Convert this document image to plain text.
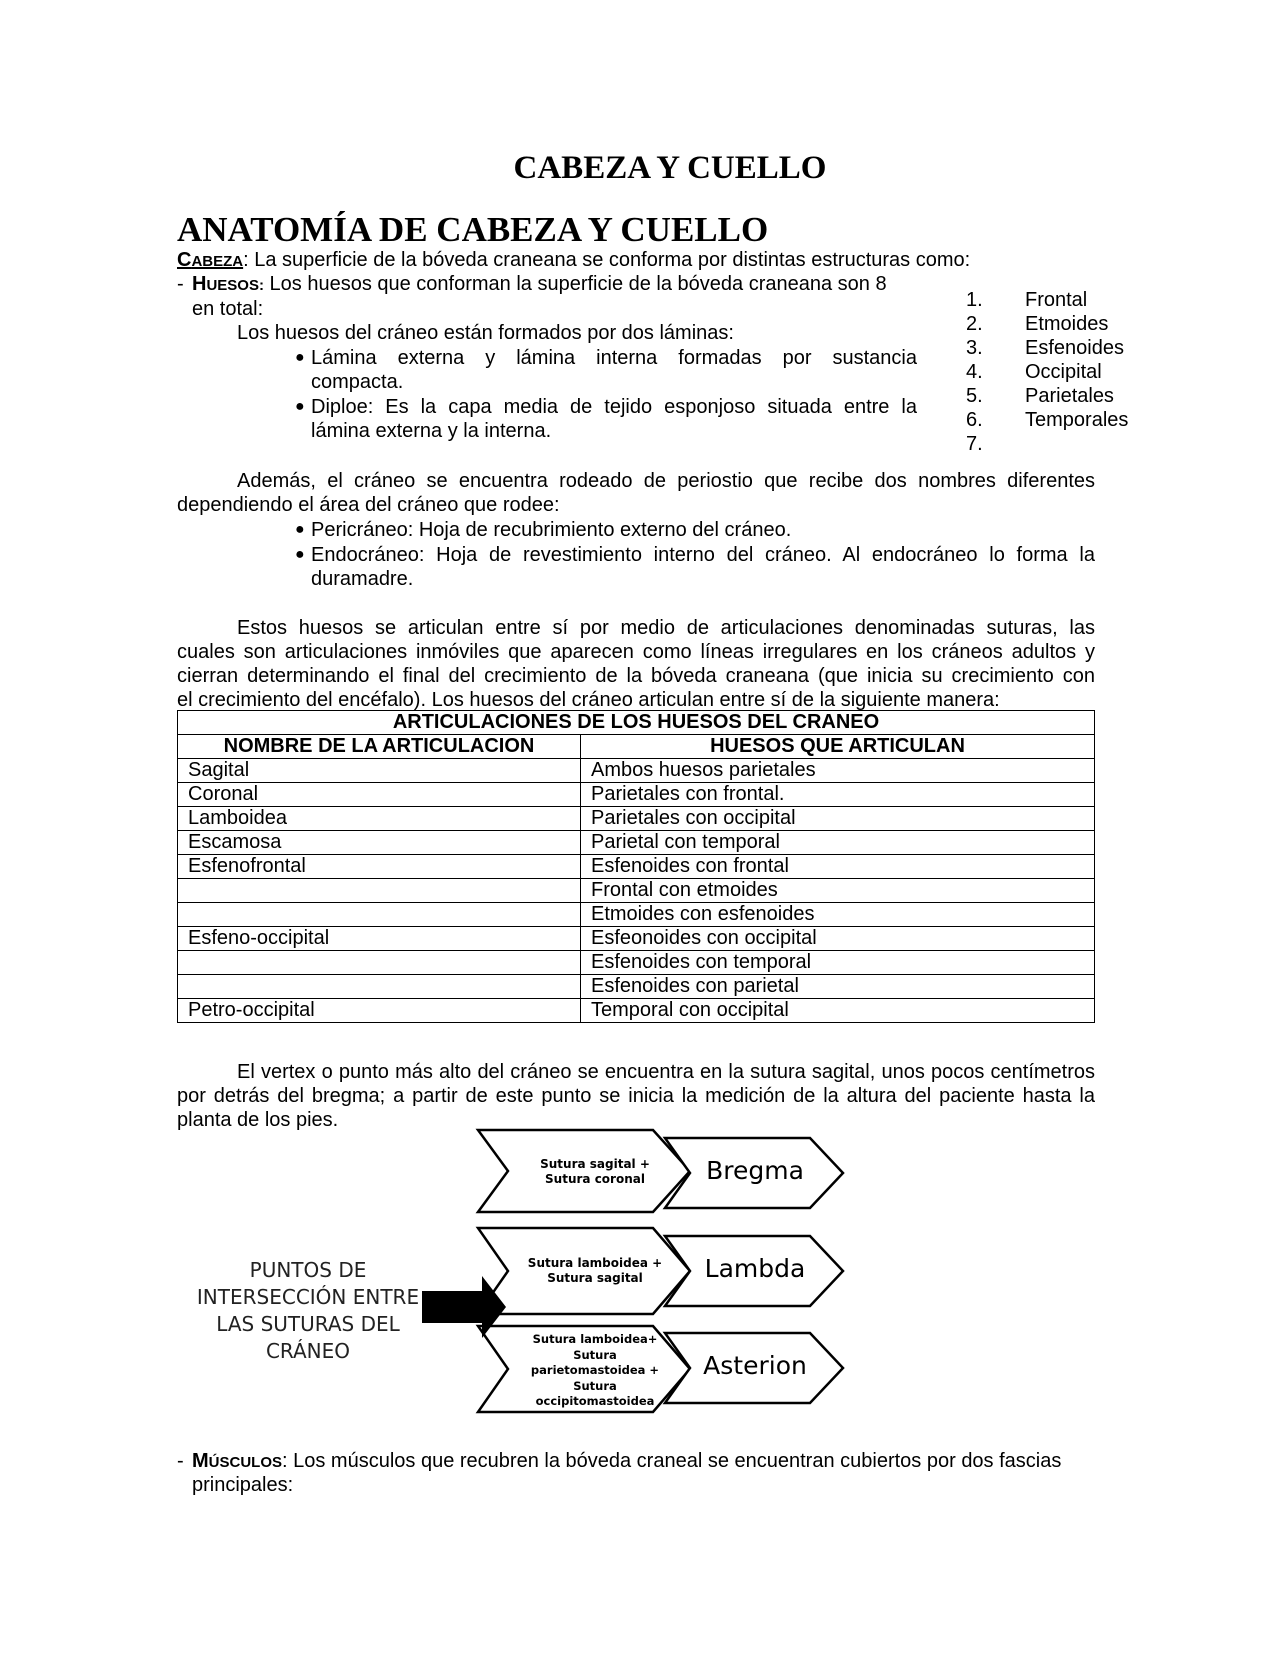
CABEZA Y CUELLO
ANATOMÍA DE CABEZA Y CUELLO
CABEZA: La superficie de la bóveda craneana se conforma por distintas estructuras como:
- HUESOS: Los huesos que conforman la superficie de la bóveda craneana son 8
en total:
Los huesos del cráneo están formados por dos láminas:
● Lámina externa y lámina interna formadas por sustancia
compacta.
● Diploe: Es la capa media de tejido esponjoso situada entre la
lámina externa y la interna.
1. Frontal
2. Etmoides
3. Esfenoides
4. Occipital
5. Parietales
6. Temporales
7.
Además, el cráneo se encuentra rodeado de periostio que recibe dos nombres diferentes
dependiendo el área del cráneo que rodee:
● Pericráneo: Hoja de recubrimiento externo del cráneo.
● Endocráneo: Hoja de revestimiento interno del cráneo. Al endocráneo lo forma la
duramadre.
Estos huesos se articulan entre sí por medio de articulaciones denominadas suturas, las
cuales son articulaciones inmóviles que aparecen como líneas irregulares en los cráneos adultos y
cierran determinando el final del crecimiento de la bóveda craneana (que inicia su crecimiento con
el crecimiento del encéfalo). Los huesos del cráneo articulan entre sí de la siguiente manera:
ARTICULACIONES DE LOS HUESOS DEL CRANEO	
NOMBRE DE LA ARTICULACION	HUESOS QUE ARTICULAN
Sagital	Ambos huesos parietales
Coronal	Parietales con frontal.
Lamboidea	Parietales con occipital
Escamosa	Parietal con temporal
Esfenofrontal	Esfenoides con frontal
	Frontal con etmoides
	Etmoides con esfenoides
Esfeno-occipital	Esfeonoides con occipital
	Esfenoides con temporal
	Esfenoides con parietal
Petro-occipital	Temporal con occipital
El vertex o punto más alto del cráneo se encuentra en la sutura sagital, unos pocos centímetros
por detrás del bregma; a partir de este punto se inicia la medición de la altura del paciente hasta la
planta de los pies.
PUNTOS DE
INTERSECCIÓN ENTRE
LAS SUTURAS DEL
CRÁNEO
Sutura sagital +
Sutura coronal	Bregma
Sutura lamboidea +
Sutura sagital	Lambda
Sutura lamboidea+
Sutura
parietomastoidea +
Sutura
occipitomastoidea
Asterion
- MÚSCULOS: Los músculos que recubren la bóveda craneal se encuentran cubiertos por dos fascias
principales:
